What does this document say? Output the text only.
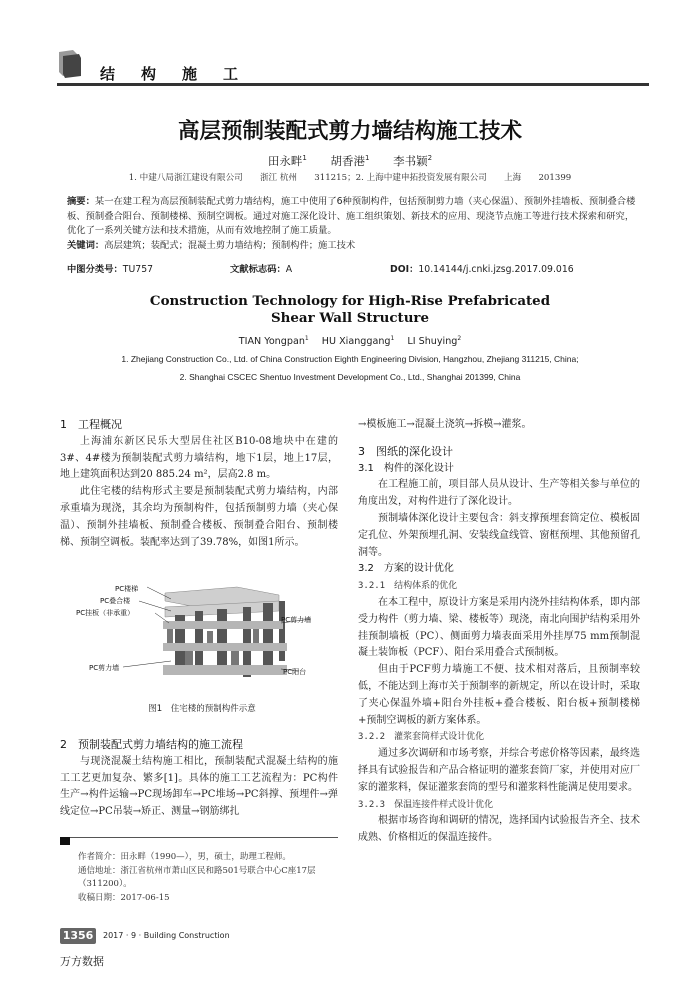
结构施工
高层预制装配式剪力墙结构施工技术
田永畔$^1$ 胡香港$^1$ 李书颖$^2$
1. 中建八局浙江建设有限公司　　浙江 杭州　　311215；2. 上海中建申拓投资发展有限公司　　上海　　201399
摘要：某一在建工程为高层预制装配式剪力墙结构，施工中使用了6种预制构件，包括预制剪力墙（夹心保温）、预制外挂墙板、预制叠合楼板、预制叠合阳台、预制楼梯、预制空调板。通过对施工深化设计、施工组织策划、新技术的应用、现浇节点施工等进行技术探索和研究，优化了一系列关键方法和技术措施，从而有效地控制了施工质量。
关键词：高层建筑；装配式；混凝土剪力墙结构；预制构件；施工技术
中图分类号：TU757	文献标志码：A	DOI：10.14144/j.cnki.jzsg.2017.09.016
Construction Technology for High-Rise Prefabricated
Shear Wall Structure
TIAN Yongpan$^1$ HU Xianggang$^1$ LI Shuying$^2$
1. Zhejiang Construction Co., Ltd. of China Construction Eighth Engineering Division, Hangzhou, Zhejiang 311215, China;
2. Shanghai CSCEC Shentuo Investment Development Co., Ltd., Shanghai 201399, China
1　工程概况

上海浦东新区民乐大型居住社区B10-08地块中在建的3#、4#楼为预制装配式剪力墙结构，地下1层，地上17层，地上建筑面积达到20 885.24 m²，层高2.8 m。

此住宅楼的结构形式主要是预制装配式剪力墙结构，内部承重墙为现浇，其余均为预制构件，包括预制剪力墙（夹心保温）、预制外挂墙板、预制叠合楼板、预制叠合阳台、预制楼梯、预制空调板。装配率达到了39.78%，如图1所示。

PC楼梯
PC叠合楼
PC挂板（非承重）
PC剪力墙
PC剪力墙	PC阳台
图1　住宅楼的预制构件示意
2　预制装配式剪力墙结构的施工流程

与现浇混凝土结构施工相比，预制装配式混凝土结构的施工工艺更加复杂、繁多[1]。具体的施工工艺流程为：PC构件生产→构件运输→PC现场卸车→PC堆场→PC斜撑、预埋件→弹线定位→PC吊装→矫正、测量→钢筋绑扎

作者简介：田永畔（1990—），男，硕士，助理工程师。
通信地址：浙江省杭州市萧山区民和路501号联合中心C座17层（311200）。
收稿日期：2017-06-15

→模板施工→混凝土浇筑→拆模→灌浆。

3　图纸的深化设计
3.1　构件的深化设计

在工程施工前，项目部人员从设计、生产等相关参与单位的角度出发，对构件进行了深化设计。

预制墙体深化设计主要包含：斜支撑预埋套筒定位、模板固定孔位、外架预埋孔洞、安装线盒线管、窗框预埋、其他预留孔洞等。

3.2　方案的设计优化
3.2.1　结构体系的优化

在本工程中，原设计方案是采用内浇外挂结构体系，即内部受力构件（剪力墙、梁、楼板等）现浇，南北向围护结构采用外挂预制墙板（PC）、侧面剪力墙表面采用外挂厚75 mm预制混凝土装饰板（PCF）、阳台采用叠合式预制板。

但由于PCF剪力墙施工不便、技术相对落后，且预制率较低，不能达到上海市关于预制率的新规定，所以在设计时，采取了夹心保温外墙+阳台外挂板+叠合楼板、阳台板+预制楼梯+预制空调板的新方案体系。

3.2.2　灌浆套筒样式设计优化

通过多次调研和市场考察，并综合考虑价格等因素，最终选择具有试验报告和产品合格证明的灌浆套筒厂家，并使用对应厂家的灌浆料，保证灌浆套筒的型号和灌浆料性能满足使用要求。

3.2.3　保温连接件样式设计优化

根据市场咨询和调研的情况，选择国内试验报告齐全、技术成熟、价格相近的保温连接件。

1356	2017 · 9 · Building Construction
万方数据
